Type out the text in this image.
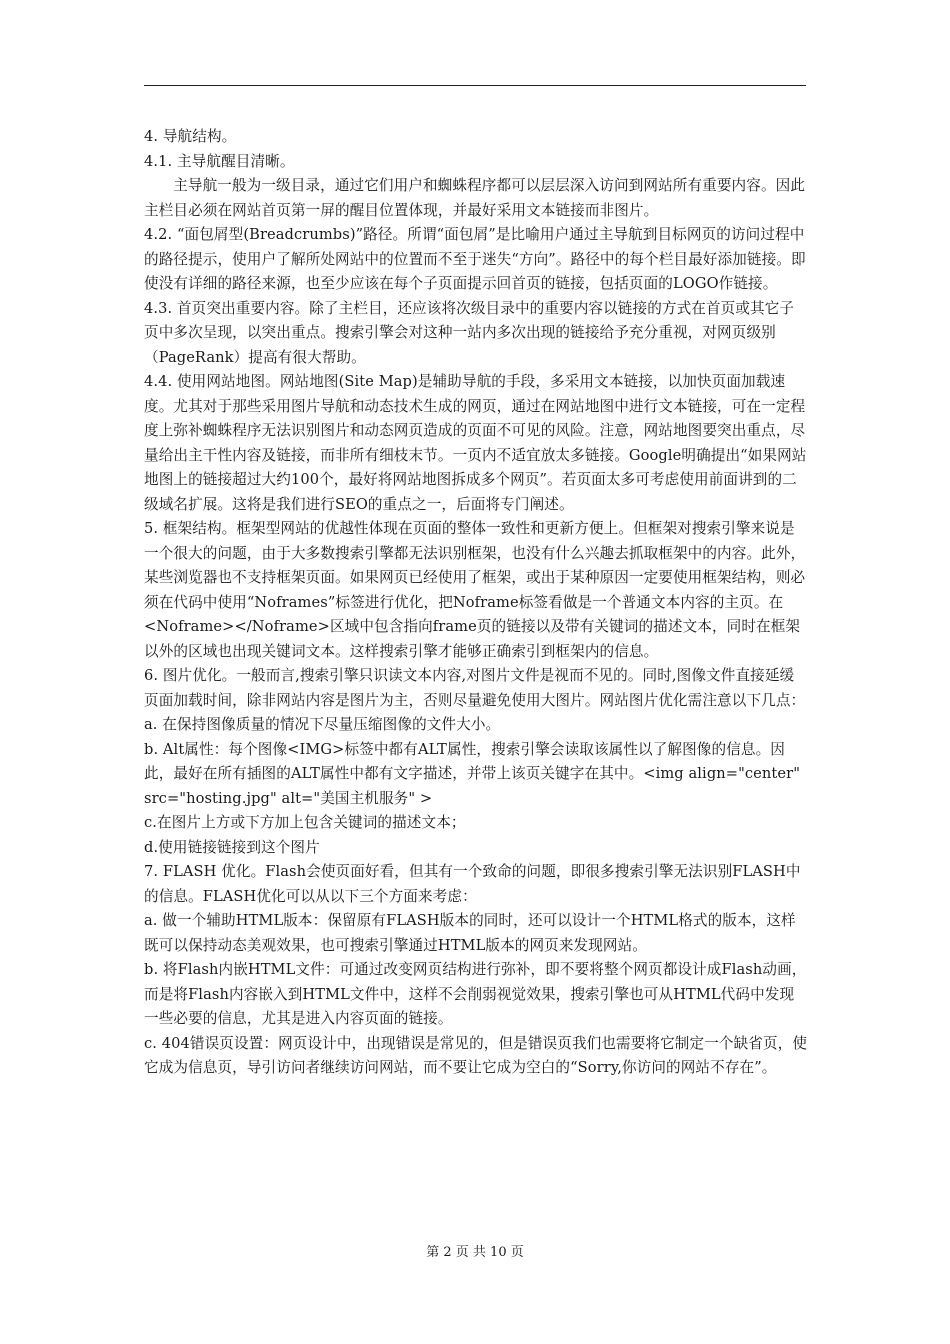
4. 导航结构。

4.1. 主导航醒目清晰。

主导航一般为一级目录，通过它们用户和蜘蛛程序都可以层层深入访问到网站所有重要内容。因此主栏目必须在网站首页第一屏的醒目位置体现，并最好采用文本链接而非图片。

4.2. “面包屑型(Breadcrumbs)”路径。所谓“面包屑”是比喻用户通过主导航到目标网页的访问过程中的路径提示，使用户了解所处网站中的位置而不至于迷失“方向”。路径中的每个栏目最好添加链接。即使没有详细的路径来源，也至少应该在每个子页面提示回首页的链接，包括页面的LOGO作链接。

4.3. 首页突出重要内容。除了主栏目，还应该将次级目录中的重要内容以链接的方式在首页或其它子页中多次呈现，以突出重点。搜索引擎会对这种一站内多次出现的链接给予充分重视，对网页级别（PageRank）提高有很大帮助。

4.4. 使用网站地图。网站地图(Site Map)是辅助导航的手段，多采用文本链接，以加快页面加载速度。尤其对于那些采用图片导航和动态技术生成的网页，通过在网站地图中进行文本链接，可在一定程度上弥补蜘蛛程序无法识别图片和动态网页造成的页面不可见的风险。注意，网站地图要突出重点，尽量给出主干性内容及链接，而非所有细枝末节。一页内不适宜放太多链接。Google明确提出“如果网站地图上的链接超过大约100个，最好将网站地图拆成多个网页”。若页面太多可考虑使用前面讲到的二级域名扩展。这将是我们进行SEO的重点之一，后面将专门阐述。

5. 框架结构。框架型网站的优越性体现在页面的整体一致性和更新方便上。但框架对搜索引擎来说是一个很大的问题，由于大多数搜索引擎都无法识别框架，也没有什么兴趣去抓取框架中的内容。此外，某些浏览器也不支持框架页面。如果网页已经使用了框架，或出于某种原因一定要使用框架结构，则必须在代码中使用“Noframes”标签进行优化，把Noframe标签看做是一个普通文本内容的主页。在<Noframe></Noframe>区域中包含指向frame页的链接以及带有关键词的描述文本，同时在框架以外的区域也出现关键词文本。这样搜索引擎才能够正确索引到框架内的信息。

6. 图片优化。一般而言,搜索引擎只识读文本内容,对图片文件是视而不见的。同时,图像文件直接延缓页面加载时间，除非网站内容是图片为主，否则尽量避免使用大图片。网站图片优化需注意以下几点：

a. 在保持图像质量的情况下尽量压缩图像的文件大小。

b. Alt属性：每个图像<IMG>标签中都有ALT属性，搜索引擎会读取该属性以了解图像的信息。因此，最好在所有插图的ALT属性中都有文字描述，并带上该页关键字在其中。<img align="center" src="hosting.jpg" alt="美国主机服务" >

c.在图片上方或下方加上包含关键词的描述文本；

d.使用链接链接到这个图片

7. FLASH 优化。Flash会使页面好看，但其有一个致命的问题，即很多搜索引擎无法识别FLASH中的信息。FLASH优化可以从以下三个方面来考虑：

a. 做一个辅助HTML版本：保留原有FLASH版本的同时，还可以设计一个HTML格式的版本，这样既可以保持动态美观效果，也可搜索引擎通过HTML版本的网页来发现网站。

b. 将Flash内嵌HTML文件：可通过改变网页结构进行弥补，即不要将整个网页都设计成Flash动画，而是将Flash内容嵌入到HTML文件中，这样不会削弱视觉效果，搜索引擎也可从HTML代码中发现一些必要的信息，尤其是进入内容页面的链接。

c. 404错误页设置：网页设计中，出现错误是常见的，但是错误页我们也需要将它制定一个缺省页，使它成为信息页，导引访问者继续访问网站，而不要让它成为空白的“Sorry,你访问的网站不存在”。

第 2 页 共 10 页
